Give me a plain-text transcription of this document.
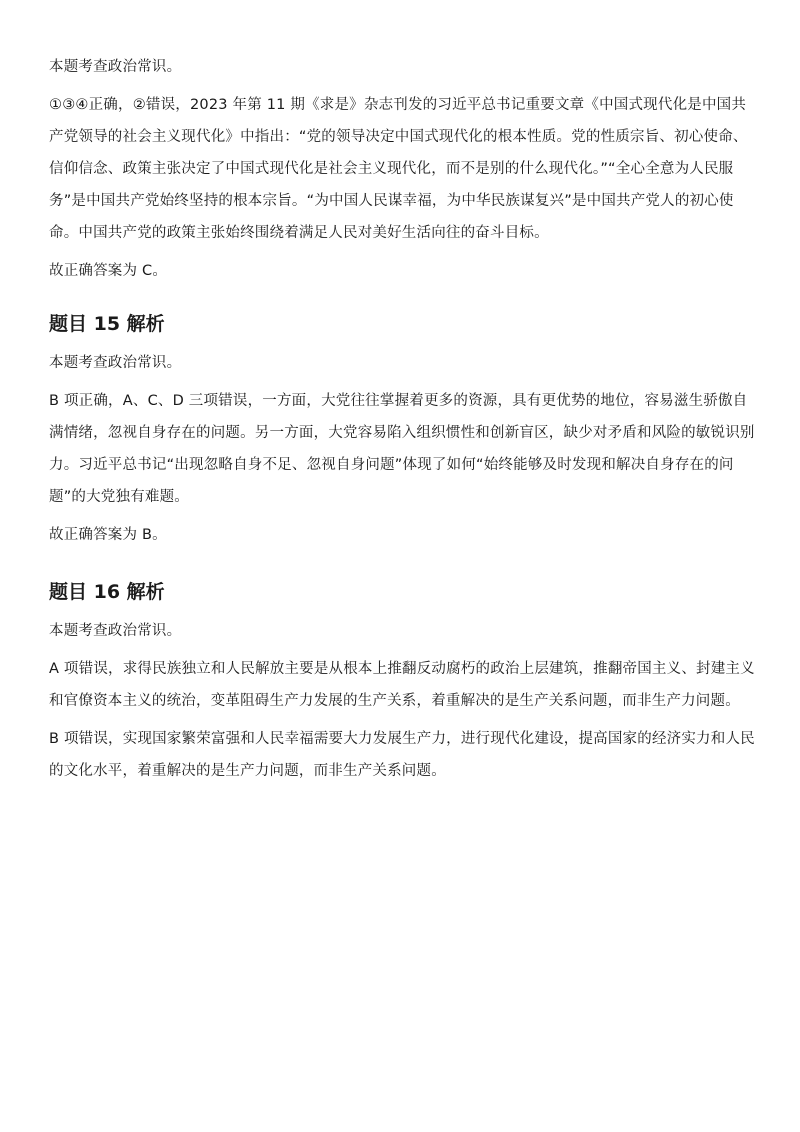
本题考查政治常识。

①③④正确，②错误，2023 年第 11 期《求是》杂志刊发的习近平总书记重要文章《中国式现代化是中国共产党领导的社会主义现代化》中指出：“党的领导决定中国式现代化的根本性质。党的性质宗旨、初心使命、信仰信念、政策主张决定了中国式现代化是社会主义现代化，而不是别的什么现代化。”“全心全意为人民服务”是中国共产党始终坚持的根本宗旨。“为中国人民谋幸福，为中华民族谋复兴”是中国共产党人的初心使命。中国共产党的政策主张始终围绕着满足人民对美好生活向往的奋斗目标。

故正确答案为 C。

题目 15 解析

本题考查政治常识。

B 项正确，A、C、D 三项错误，一方面，大党往往掌握着更多的资源，具有更优势的地位，容易滋生骄傲自满情绪，忽视自身存在的问题。另一方面，大党容易陷入组织惯性和创新盲区，缺少对矛盾和风险的敏锐识别力。习近平总书记“出现忽略自身不足、忽视自身问题”体现了如何“始终能够及时发现和解决自身存在的问题”的大党独有难题。

故正确答案为 B。

题目 16 解析

本题考查政治常识。

A 项错误，求得民族独立和人民解放主要是从根本上推翻反动腐朽的政治上层建筑，推翻帝国主义、封建主义和官僚资本主义的统治，变革阻碍生产力发展的生产关系，着重解决的是生产关系问题，而非生产力问题。

B 项错误，实现国家繁荣富强和人民幸福需要大力发展生产力，进行现代化建设，提高国家的经济实力和人民的文化水平，着重解决的是生产力问题，而非生产关系问题。
